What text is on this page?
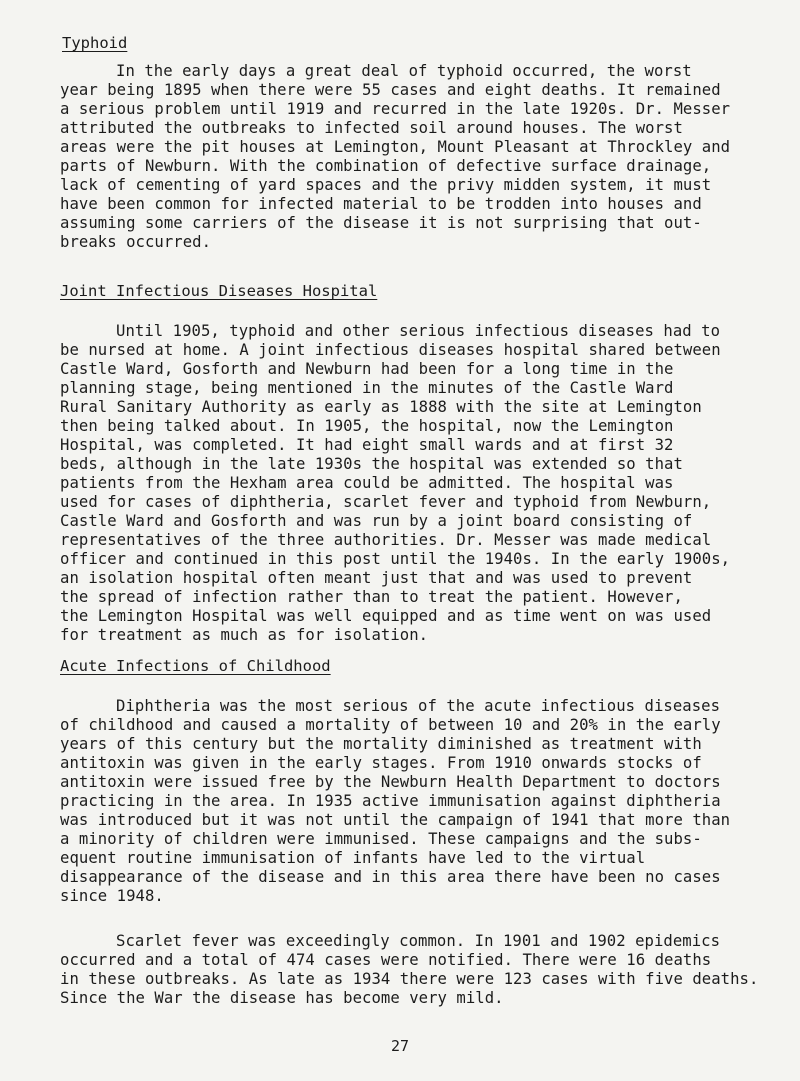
Typhoid

In the early days a great deal of typhoid occurred, the worst

year being 1895 when there were 55 cases and eight deaths. It remained

a serious problem until 1919 and recurred in the late 1920s. Dr. Messer

attributed the outbreaks to infected soil around houses. The worst

areas were the pit houses at Lemington, Mount Pleasant at Throckley and

parts of Newburn. With the combination of defective surface drainage,

lack of cementing of yard spaces and the privy midden system, it must

have been common for infected material to be trodden into houses and

assuming some carriers of the disease it is not surprising that out-

breaks occurred.

Joint Infectious Diseases Hospital

Until 1905, typhoid and other serious infectious diseases had to

be nursed at home. A joint infectious diseases hospital shared between

Castle Ward, Gosforth and Newburn had been for a long time in the

planning stage, being mentioned in the minutes of the Castle Ward

Rural Sanitary Authority as early as 1888 with the site at Lemington

then being talked about. In 1905, the hospital, now the Lemington

Hospital, was completed. It had eight small wards and at first 32

beds, although in the late 1930s the hospital was extended so that

patients from the Hexham area could be admitted. The hospital was

used for cases of diphtheria, scarlet fever and typhoid from Newburn,

Castle Ward and Gosforth and was run by a joint board consisting of

representatives of the three authorities. Dr. Messer was made medical

officer and continued in this post until the 1940s. In the early 1900s,

an isolation hospital often meant just that and was used to prevent

the spread of infection rather than to treat the patient. However,

the Lemington Hospital was well equipped and as time went on was used

for treatment as much as for isolation.

Acute Infections of Childhood

Diphtheria was the most serious of the acute infectious diseases

of childhood and caused a mortality of between 10 and 20% in the early

years of this century but the mortality diminished as treatment with

antitoxin was given in the early stages. From 1910 onwards stocks of

antitoxin were issued free by the Newburn Health Department to doctors

practicing in the area. In 1935 active immunisation against diphtheria

was introduced but it was not until the campaign of 1941 that more than

a minority of children were immunised. These campaigns and the subs-

equent routine immunisation of infants have led to the virtual

disappearance of the disease and in this area there have been no cases

since 1948.

Scarlet fever was exceedingly common. In 1901 and 1902 epidemics

occurred and a total of 474 cases were notified. There were 16 deaths

in these outbreaks. As late as 1934 there were 123 cases with five deaths.

Since the War the disease has become very mild.

27
